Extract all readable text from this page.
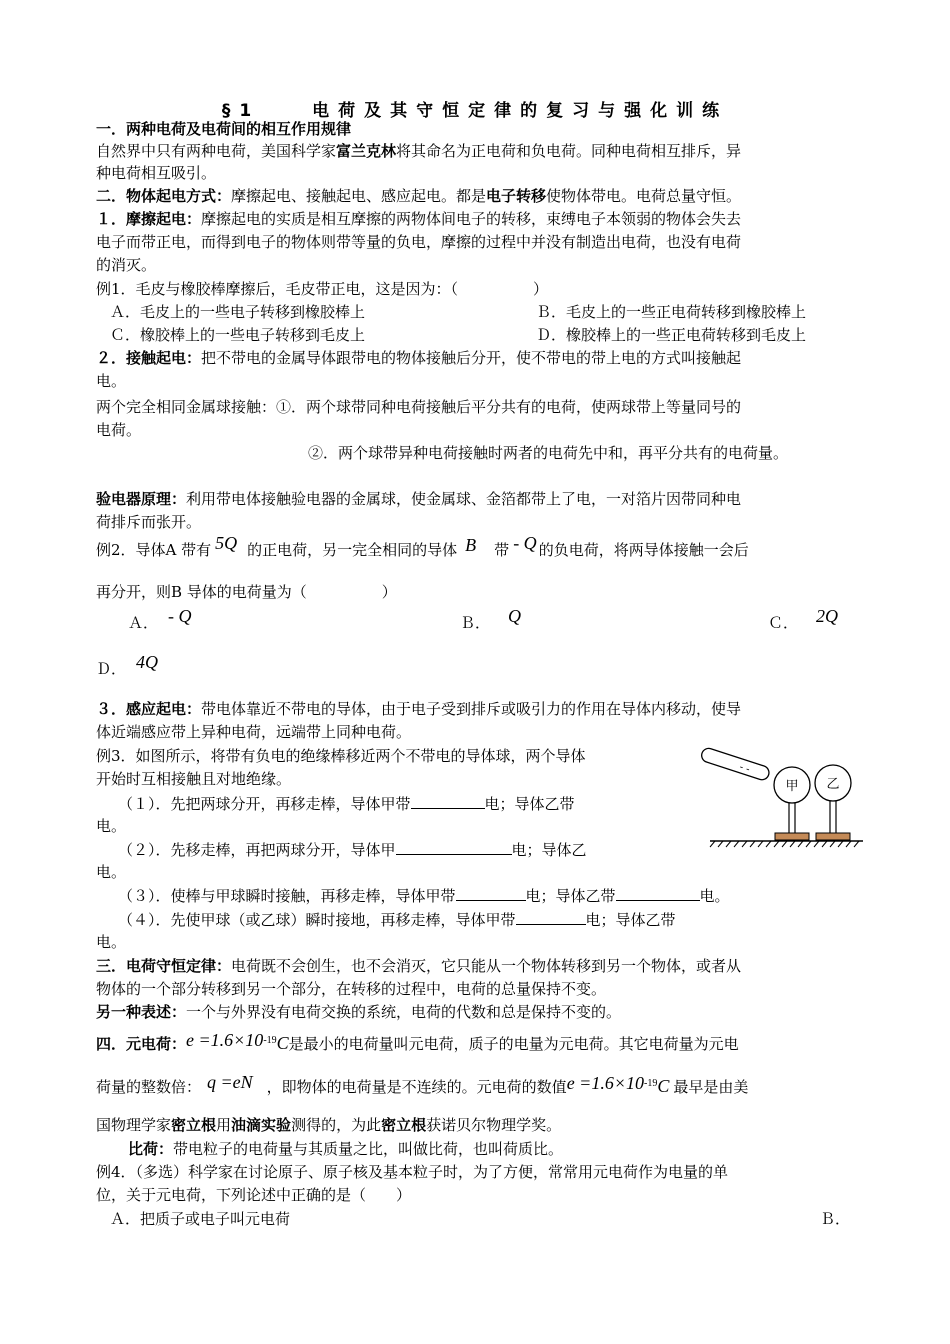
§1　　电荷及其守恒定律的复习与强化训练
一．两种电荷及电荷间的相互作用规律
自然界中只有两种电荷，美国科学家富兰克林将其命名为正电荷和负电荷。同种电荷相互排斥，异
种电荷相互吸引。
二．物体起电方式：摩擦起电、接触起电、感应起电。都是电子转移使物体带电。电荷总量守恒。
１．摩擦起电：摩擦起电的实质是相互摩擦的两物体间电子的转移，束缚电子本领弱的物体会失去
电子而带正电，而得到电子的物体则带等量的负电，摩擦的过程中并没有制造出电荷，也没有电荷
的消灭。
例1．毛皮与橡胶棒摩擦后，毛皮带正电，这是因为：（　　　　　）
Ａ．毛皮上的一些电子转移到橡胶棒上	Ｂ．毛皮上的一些正电荷转移到橡胶棒上
Ｃ．橡胶棒上的一些电子转移到毛皮上	Ｄ．橡胶棒上的一些正电荷转移到毛皮上
２．接触起电：把不带电的金属导体跟带电的物体接触后分开，使不带电的带上电的方式叫接触起
电。
两个完全相同金属球接触：①．两个球带同种电荷接触后平分共有的电荷，使两球带上等量同号的
电荷。
②．两个球带异种电荷接触时两者的电荷先中和，再平分共有的电荷量。
验电器原理：利用带电体接触验电器的金属球，使金属球、金箔都带上了电，一对箔片因带同种电
荷排斥而张开。
例2．导体A 带有 5Q 的正电荷，另一完全相同的导体 B 带 - Q 的负电荷，将两导体接触一会后
再分开，则B 导体的电荷量为（　　　　　）
Ａ． - Q	Ｂ． Q	Ｃ． 2Q
Ｄ． 4Q
３．感应起电：带电体靠近不带电的导体，由于电子受到排斥或吸引力的作用在导体内移动，使导
体近端感应带上异种电荷，远端带上同种电荷。
例3．如图所示，将带有负电的绝缘棒移近两个不带电的导体球，两个导体
开始时互相接触且对地绝缘。
（１）．先把两球分开，再移走棒，导体甲带	电；导体乙带
电。
（２）．先移走棒，再把两球分开，导体甲	电；导体乙
电。
（３）．使棒与甲球瞬时接触，再移走棒，导体甲带	电；导体乙带	电。
（４）．先使甲球（或乙球）瞬时接地，再移走棒，导体甲带	电；导体乙带
电。
三．电荷守恒定律：电荷既不会创生，也不会消灭，它只能从一个物体转移到另一个物体，或者从
物体的一个部分转移到另一个部分，在转移的过程中，电荷的总量保持不变。
另一种表述：一个与外界没有电荷交换的系统，电荷的代数和总是保持不变的。
四．元电荷：$e =1.6\times 10^{-19}C$是最小的电荷量叫元电荷，质子的电量为元电荷。其它电荷量为元电
荷量的整数倍： q =eN ，即物体的电荷量是不连续的。元电荷的数值$e =1.6\times 10^{-19}C$ 最早是由美
国物理学家密立根用油滴实验测得的，为此密立根获诺贝尔物理学奖。
比荷：带电粒子的电荷量与其质量之比，叫做比荷，也叫荷质比。
例4．（多选）科学家在讨论原子、原子核及基本粒子时，为了方便，常常用元电荷作为电量的单
位，关于元电荷，下列论述中正确的是（　　）
Ａ．把质子或电子叫元电荷	Ｂ．
- -
甲 乙
